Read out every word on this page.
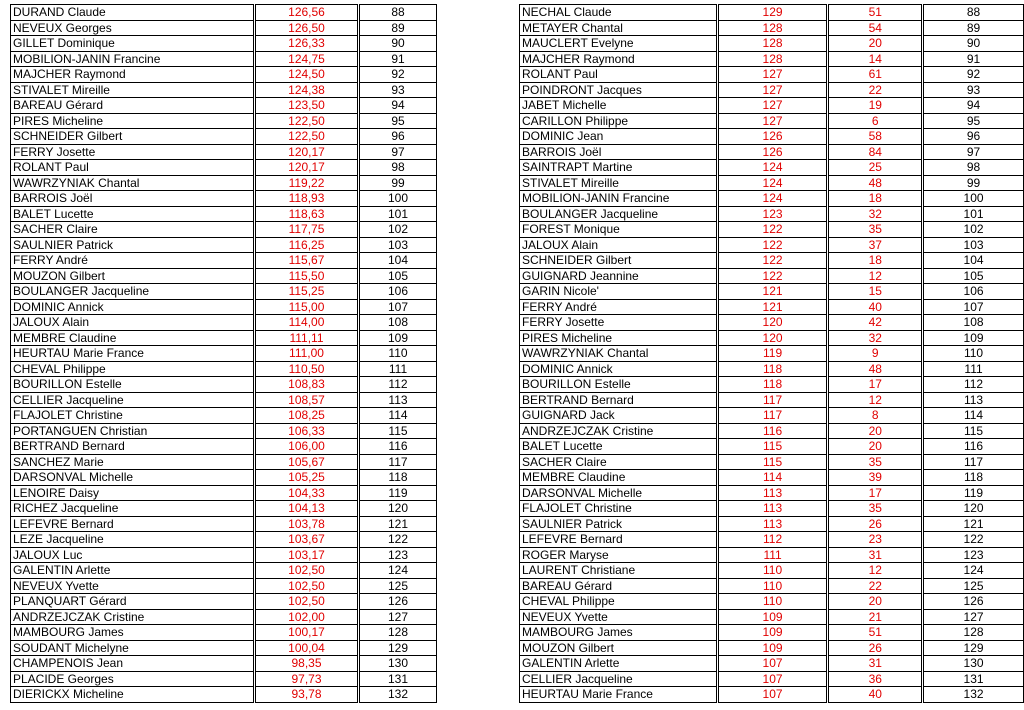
DURAND Claude		126,56		88
NEVEUX Georges		126,50		89
GILLET Dominique		126,33		90
MOBILION-JANIN Francine		124,75		91
MAJCHER Raymond		124,50		92
STIVALET Mireille		124,38		93
BAREAU Gérard		123,50		94
PIRES Micheline		122,50		95
SCHNEIDER Gilbert		122,50		96
FERRY Josette		120,17		97
ROLANT Paul		120,17		98
WAWRZYNIAK Chantal		119,22		99
BARROIS Joël		118,93		100
BALET Lucette		118,63		101
SACHER Claire		117,75		102
SAULNIER Patrick		116,25		103
FERRY André		115,67		104
MOUZON Gilbert		115,50		105
BOULANGER Jacqueline		115,25		106
DOMINIC Annick		115,00		107
JALOUX Alain		114,00		108
MEMBRE Claudine		111,11		109
HEURTAU Marie France		111,00		110
CHEVAL Philippe		110,50		111
BOURILLON Estelle		108,83		112
CELLIER Jacqueline		108,57		113
FLAJOLET Christine		108,25		114
PORTANGUEN Christian		106,33		115
BERTRAND Bernard		106,00		116
SANCHEZ Marie		105,67		117
DARSONVAL Michelle		105,25		118
LENOIRE Daisy		104,33		119
RICHEZ Jacqueline		104,13		120
LEFEVRE Bernard		103,78		121
LEZE Jacqueline		103,67		122
JALOUX Luc		103,17		123
GALENTIN Arlette		102,50		124
NEVEUX Yvette		102,50		125
PLANQUART Gérard		102,50		126
ANDRZEJCZAK Cristine		102,00		127
MAMBOURG James		100,17		128
SOUDANT Michelyne		100,04		129
CHAMPENOIS Jean		98,35		130
PLACIDE Georges		97,73		131
DIERICKX Micheline		93,78		132
NECHAL Claude		129		51		88
METAYER Chantal		128		54		89
MAUCLERT Evelyne		128		20		90
MAJCHER Raymond		128		14		91
ROLANT Paul		127		61		92
POINDRONT Jacques		127		22		93
JABET Michelle		127		19		94
CARILLON Philippe		127		6		95
DOMINIC Jean		126		58		96
BARROIS Joël		126		84		97
SAINTRAPT Martine		124		25		98
STIVALET Mireille		124		48		99
MOBILION-JANIN Francine		124		18		100
BOULANGER Jacqueline		123		32		101
FOREST Monique		122		35		102
JALOUX Alain		122		37		103
SCHNEIDER Gilbert		122		18		104
GUIGNARD Jeannine		122		12		105
GARIN Nicole'		121		15		106
FERRY André		121		40		107
FERRY Josette		120		42		108
PIRES Micheline		120		32		109
WAWRZYNIAK Chantal		119		9		110
DOMINIC Annick		118		48		111
BOURILLON Estelle		118		17		112
BERTRAND Bernard		117		12		113
GUIGNARD Jack		117		8		114
ANDRZEJCZAK Cristine		116		20		115
BALET Lucette		115		20		116
SACHER Claire		115		35		117
MEMBRE Claudine		114		39		118
DARSONVAL Michelle		113		17		119
FLAJOLET Christine		113		35		120
SAULNIER Patrick		113		26		121
LEFEVRE Bernard		112		23		122
ROGER Maryse		111		31		123
LAURENT Christiane		110		12		124
BAREAU Gérard		110		22		125
CHEVAL Philippe		110		20		126
NEVEUX Yvette		109		21		127
MAMBOURG James		109		51		128
MOUZON Gilbert		109		26		129
GALENTIN Arlette		107		31		130
CELLIER Jacqueline		107		36		131
HEURTAU Marie France		107		40		132
